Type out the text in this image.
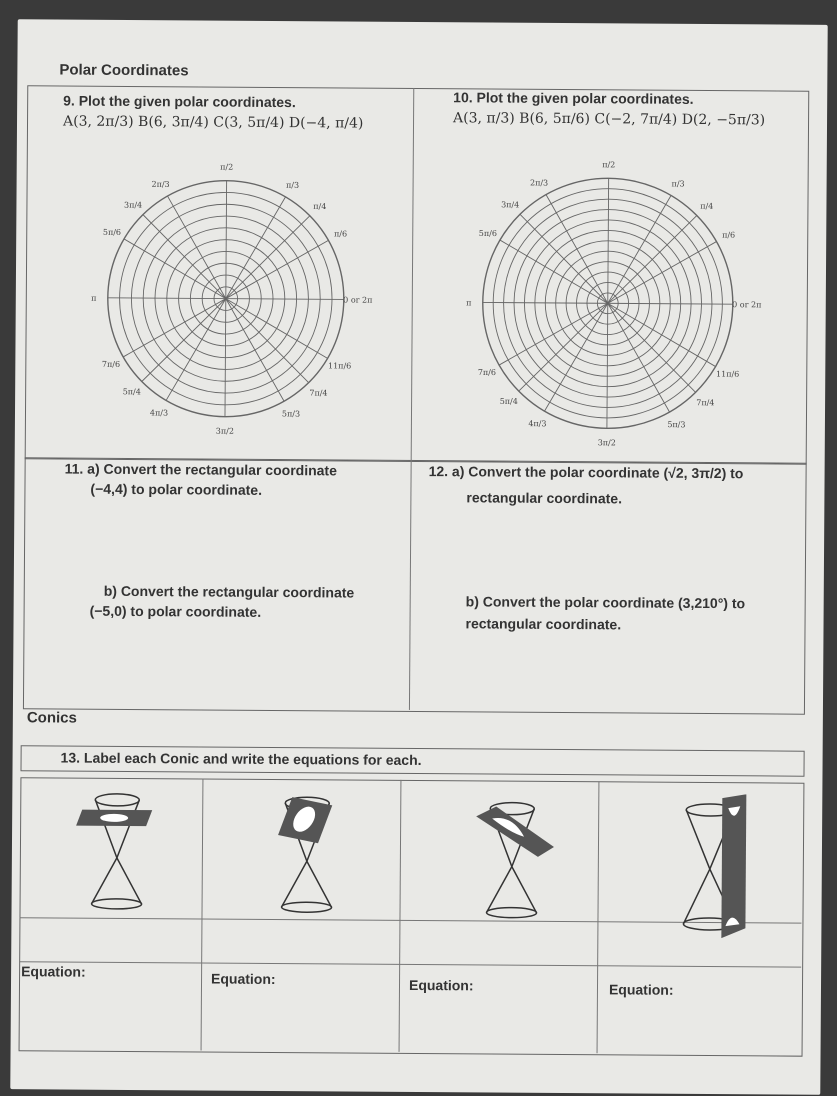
Polar Coordinates
9. Plot the given polar coordinates.
A(3, 2π/3) B(6, 3π/4) C(3, 5π/4) D(−4, π/4)
10. Plot the given polar coordinates.
A(3, π/3) B(6, 5π/6) C(−2, 7π/4) D(2, −5π/3)
π/2
π/3
π/4
π/6
0 or 2π
11π/6
7π/4
5π/3
3π/2
4π/3
5π/4
7π/6
π
5π/6
3π/4
2π/3
π/2
π/3
π/4
π/6
0 or 2π
11π/6
7π/4
5π/3
3π/2
4π/3
5π/4
7π/6
π
5π/6
3π/4
2π/3
11. a) Convert the rectangular coordinate
(−4,4) to polar coordinate.
b) Convert the rectangular coordinate
(−5,0) to polar coordinate.
12. a) Convert the polar coordinate (√2, 3π/2) to
rectangular coordinate.
b) Convert the polar coordinate (3,210°) to
rectangular coordinate.
Conics
13. Label each Conic and write the equations for each.
Equation:	Equation:	Equation:	Equation:
